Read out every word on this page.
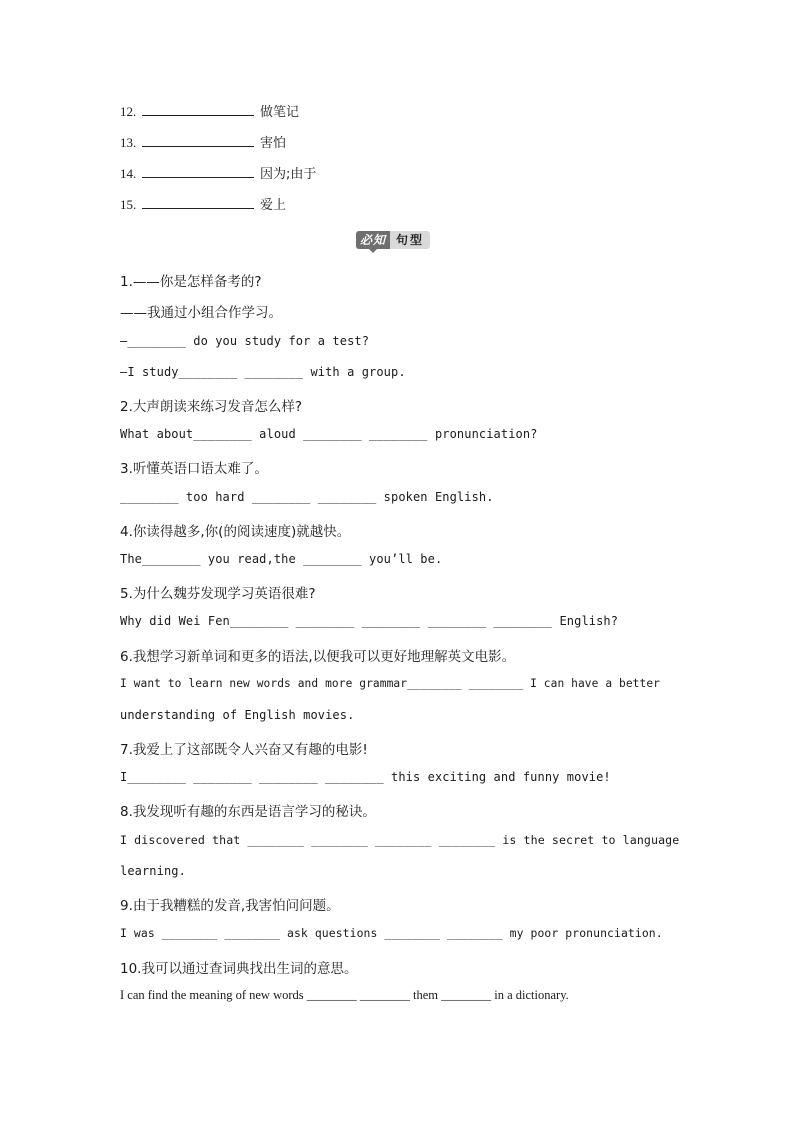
12.	做笔记
13.	害怕
14.	因为;由于
15.	爱上
必知 句型
1.——你是怎样备考的?
——我通过小组合作学习。
—________ do you study for a test?
—I study________ ________ with a group.
2.大声朗读来练习发音怎么样?
What about________ aloud ________ ________ pronunciation?
3.听懂英语口语太难了。
________ too hard ________ ________ spoken English.
4.你读得越多,你(的阅读速度)就越快。
The________ you read,the ________ you’ll be.
5.为什么魏芬发现学习英语很难?
Why did Wei Fen________ ________ ________ ________ ________ English?
6.我想学习新单词和更多的语法,以便我可以更好地理解英文电影。
I want to learn new words and more grammar________ ________ I can have a better
understanding of English movies.
7.我爱上了这部既令人兴奋又有趣的电影!
I________ ________ ________ ________ this exciting and funny movie!
8.我发现听有趣的东西是语言学习的秘诀。
I discovered that ________ ________ ________ ________ is the secret to language
learning.
9.由于我糟糕的发音,我害怕问问题。
I was ________ ________ ask questions ________ ________ my poor pronunciation.
10.我可以通过查词典找出生词的意思。
I can find the meaning of new words ________ ________ them ________ in a dictionary.
